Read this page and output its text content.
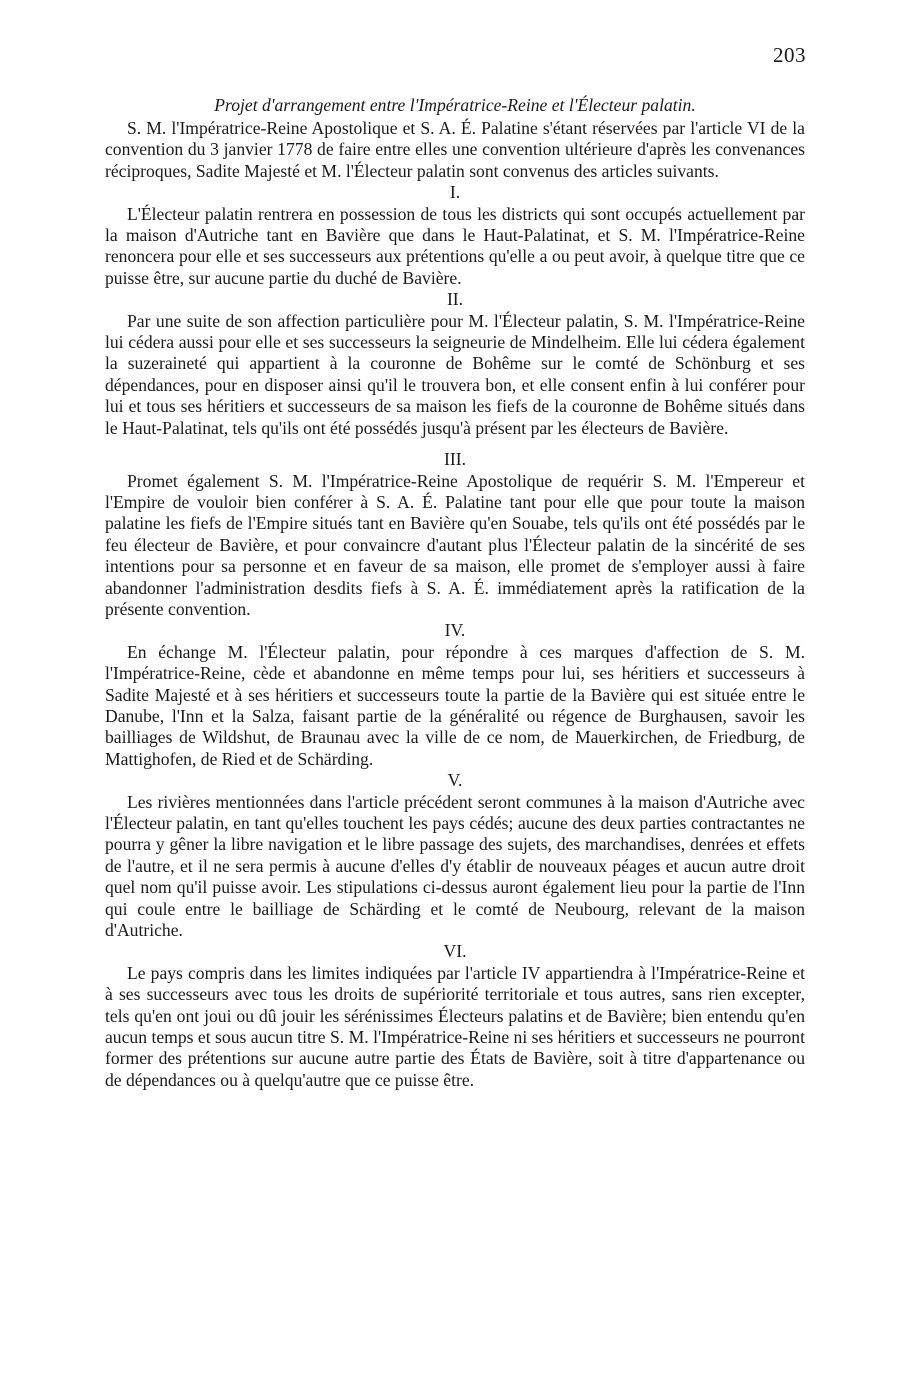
203
Projet d'arrangement entre l'Impératrice-Reine et l'Électeur palatin.

S. M. l'Impératrice-Reine Apostolique et S. A. É. Palatine s'étant réservées par l'article VI de la convention du 3 janvier 1778 de faire entre elles une convention ultérieure d'après les convenances réciproques, Sadite Majesté et M. l'Électeur palatin sont convenus des articles suivants.

I.

L'Électeur palatin rentrera en possession de tous les districts qui sont occupés actuellement par la maison d'Autriche tant en Bavière que dans le Haut-Palatinat, et S. M. l'Impératrice-Reine renoncera pour elle et ses successeurs aux prétentions qu'elle a ou peut avoir, à quelque titre que ce puisse être, sur aucune partie du duché de Bavière.

II.

Par une suite de son affection particulière pour M. l'Électeur palatin, S. M. l'Impératrice-Reine lui cédera aussi pour elle et ses successeurs la seigneurie de Mindelheim. Elle lui cédera également la suzeraineté qui appartient à la couronne de Bohême sur le comté de Schönburg et ses dépendances, pour en disposer ainsi qu'il le trouvera bon, et elle consent enfin à lui conférer pour lui et tous ses héritiers et successeurs de sa maison les fiefs de la couronne de Bohême situés dans le Haut-Palatinat, tels qu'ils ont été possédés jusqu'à présent par les électeurs de Bavière.

III.

Promet également S. M. l'Impératrice-Reine Apostolique de requérir S. M. l'Empereur et l'Empire de vouloir bien conférer à S. A. É. Palatine tant pour elle que pour toute la maison palatine les fiefs de l'Empire situés tant en Bavière qu'en Souabe, tels qu'ils ont été possédés par le feu électeur de Bavière, et pour convaincre d'autant plus l'Électeur palatin de la sincérité de ses intentions pour sa personne et en faveur de sa maison, elle promet de s'employer aussi à faire abandonner l'administration desdits fiefs à S. A. É. immédiatement après la ratification de la présente convention.

IV.

En échange M. l'Électeur palatin, pour répondre à ces marques d'affection de S. M. l'Impératrice-Reine, cède et abandonne en même temps pour lui, ses héritiers et successeurs à Sadite Majesté et à ses héritiers et successeurs toute la partie de la Bavière qui est située entre le Danube, l'Inn et la Salza, faisant partie de la généralité ou régence de Burghausen, savoir les bailliages de Wildshut, de Braunau avec la ville de ce nom, de Mauerkirchen, de Friedburg, de Mattighofen, de Ried et de Schärding.

V.

Les rivières mentionnées dans l'article précédent seront communes à la maison d'Autriche avec l'Électeur palatin, en tant qu'elles touchent les pays cédés; aucune des deux parties contractantes ne pourra y gêner la libre navigation et le libre passage des sujets, des marchandises, denrées et effets de l'autre, et il ne sera permis à aucune d'elles d'y établir de nouveaux péages et aucun autre droit quel nom qu'il puisse avoir. Les stipulations ci-dessus auront également lieu pour la partie de l'Inn qui coule entre le bailliage de Schärding et le comté de Neubourg, relevant de la maison d'Autriche.

VI.

Le pays compris dans les limites indiquées par l'article IV appartiendra à l'Impératrice-Reine et à ses successeurs avec tous les droits de supériorité territoriale et tous autres, sans rien excepter, tels qu'en ont joui ou dû jouir les sérénissimes Électeurs palatins et de Bavière; bien entendu qu'en aucun temps et sous aucun titre S. M. l'Impératrice-Reine ni ses héritiers et successeurs ne pourront former des prétentions sur aucune autre partie des États de Bavière, soit à titre d'appartenance ou de dépendances ou à quelqu'autre que ce puisse être.
